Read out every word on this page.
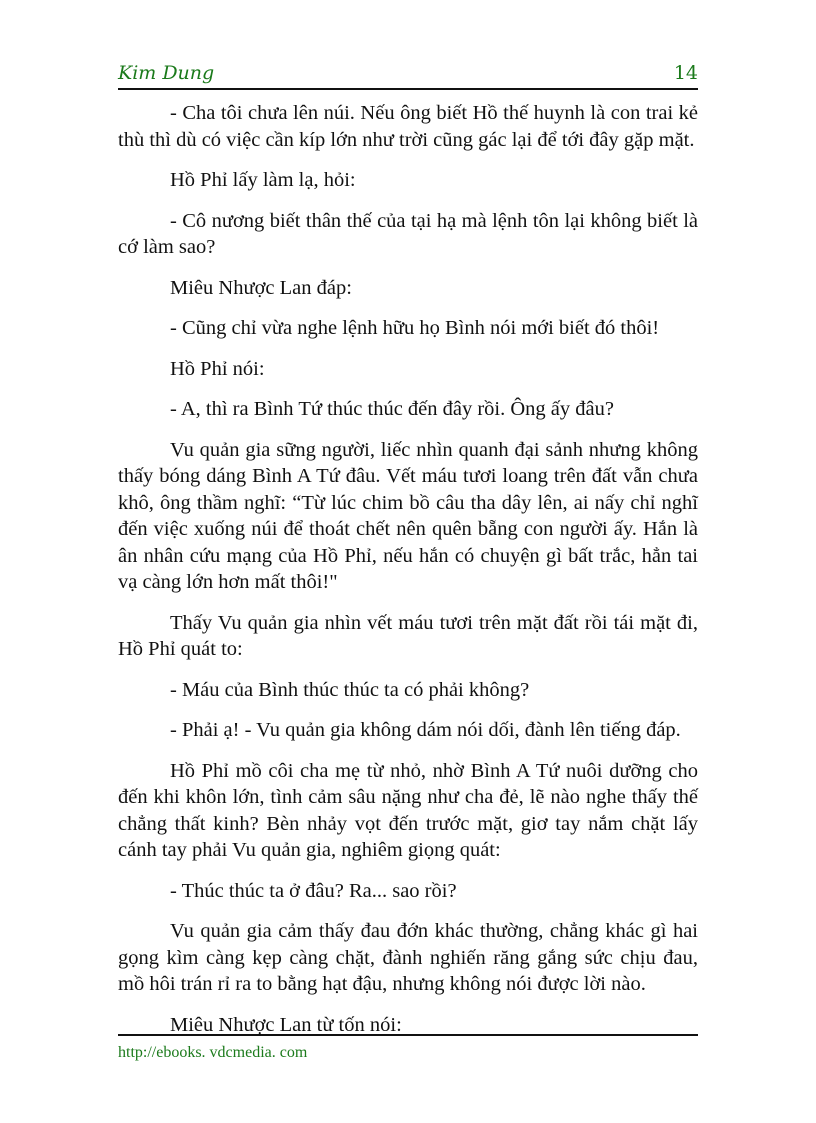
Kim Dung	14

- Cha tôi chưa lên núi. Nếu ông biết Hồ thế huynh là con trai kẻ thù thì dù có việc cần kíp lớn như trời cũng gác lại để tới đây gặp mặt.

Hồ Phỉ lấy làm lạ, hỏi:

- Cô nương biết thân thế của tại hạ mà lệnh tôn lại không biết là cớ làm sao?

Miêu Nhược Lan đáp:

- Cũng chỉ vừa nghe lệnh hữu họ Bình nói mới biết đó thôi!

Hồ Phỉ nói:

- A, thì ra Bình Tứ thúc thúc đến đây rồi. Ông ấy đâu?

Vu quản gia sững người, liếc nhìn quanh đại sảnh nhưng không thấy bóng dáng Bình A Tứ đâu. Vết máu tươi loang trên đất vẫn chưa khô, ông thầm nghĩ: “Từ lúc chim bồ câu tha dây lên, ai nấy chỉ nghĩ đến việc xuống núi để thoát chết nên quên bẵng con người ấy. Hắn là ân nhân cứu mạng của Hồ Phỉ, nếu hắn có chuyện gì bất trắc, hẳn tai vạ càng lớn hơn mất thôi!"

Thấy Vu quản gia nhìn vết máu tươi trên mặt đất rồi tái mặt đi, Hồ Phỉ quát to:

- Máu của Bình thúc thúc ta có phải không?

- Phải ạ! - Vu quản gia không dám nói dối, đành lên tiếng đáp.

Hồ Phỉ mồ côi cha mẹ từ nhỏ, nhờ Bình A Tứ nuôi dưỡng cho đến khi khôn lớn, tình cảm sâu nặng như cha đẻ, lẽ nào nghe thấy thế chẳng thất kinh? Bèn nhảy vọt đến trước mặt, giơ tay nắm chặt lấy cánh tay phải Vu quản gia, nghiêm giọng quát:

- Thúc thúc ta ở đâu? Ra... sao rồi?

Vu quản gia cảm thấy đau đớn khác thường, chẳng khác gì hai gọng kìm càng kẹp càng chặt, đành nghiến răng gắng sức chịu đau, mồ hôi trán rỉ ra to bằng hạt đậu, nhưng không nói được lời nào.

Miêu Nhược Lan từ tốn nói:

http://ebooks. vdcmedia. com
